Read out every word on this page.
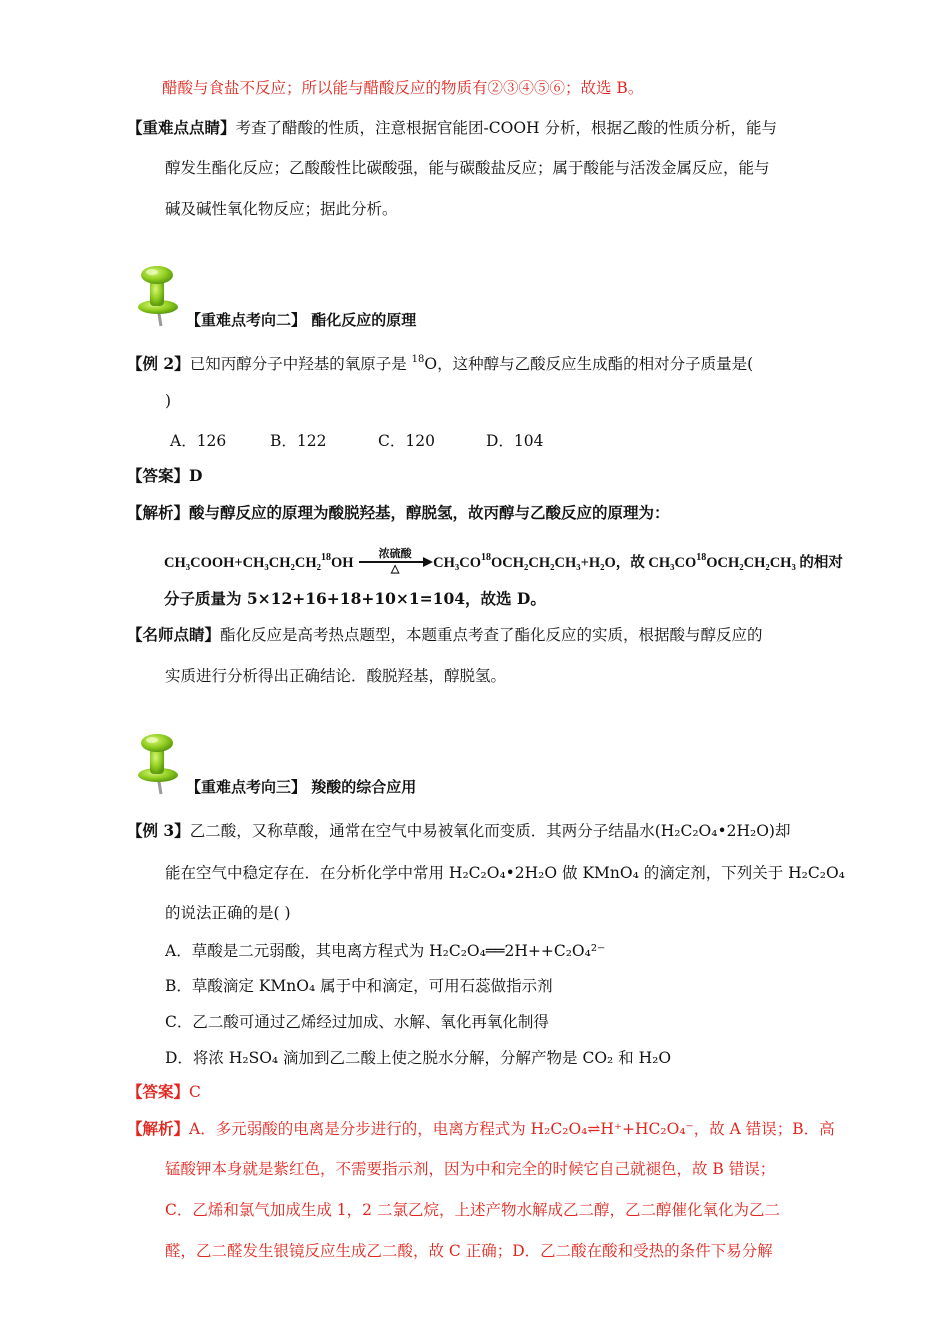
醋酸与食盐不反应；所以能与醋酸反应的物质有②③④⑤⑥；故选 B。
【重难点点睛】考查了醋酸的性质，注意根据官能团-COOH 分析，根据乙酸的性质分析，能与
醇发生酯化反应；乙酸酸性比碳酸强，能与碳酸盐反应；属于酸能与活泼金属反应，能与
碱及碱性氧化物反应；据此分析。
【重难点考向二】 酯化反应的原理
【例 2】已知丙醇分子中羟基的氧原子是 $^{18}$O，这种醇与乙酸反应生成酯的相对分子质量是(
)
A．126	B．122	C．120	D．104
【答案】D
【解析】酸与醇反应的原理为酸脱羟基，醇脱氢，故丙醇与乙酸反应的原理为：
CH₃COOH+CH₃CH₂CH₂$^{18}$OH
浓硫酸
△	$CH_3CO^{18}OCH_2CH_2CH_3+H_2O$，故 CH₃CO$^{18}$OCH₂CH₂CH₃ 的相对
分子质量为 5×12+16+18+10×1=104，故选 D。
【名师点睛】酯化反应是高考热点题型，本题重点考查了酯化反应的实质，根据酸与醇反应的
实质进行分析得出正确结论．酸脱羟基，醇脱氢。
【重难点考向三】 羧酸的综合应用
【例 3】乙二酸，又称草酸，通常在空气中易被氧化而变质．其两分子结晶水(H₂C₂O₄•2H₂O)却
能在空气中稳定存在．在分析化学中常用 H₂C₂O₄•2H₂O 做 KMnO₄ 的滴定剂，下列关于 H₂C₂O₄
的说法正确的是( )
A．草酸是二元弱酸，其电离方程式为 H₂C₂O₄══2H++C₂O₄²⁻
B．草酸滴定 KMnO₄ 属于中和滴定，可用石蕊做指示剂
C．乙二酸可通过乙烯经过加成、水解、氧化再氧化制得
D．将浓 H₂SO₄ 滴加到乙二酸上使之脱水分解，分解产物是 CO₂ 和 H₂O
【答案】C
【解析】A．多元弱酸的电离是分步进行的，电离方程式为 H₂C₂O₄⇌H⁺+HC₂O₄⁻，故 A 错误；B．高
锰酸钾本身就是紫红色，不需要指示剂，因为中和完全的时候它自己就褪色，故 B 错误；
C．乙烯和氯气加成生成 1，2 二氯乙烷，上述产物水解成乙二醇，乙二醇催化氧化为乙二
醛，乙二醛发生银镜反应生成乙二酸，故 C 正确；D．乙二酸在酸和受热的条件下易分解
